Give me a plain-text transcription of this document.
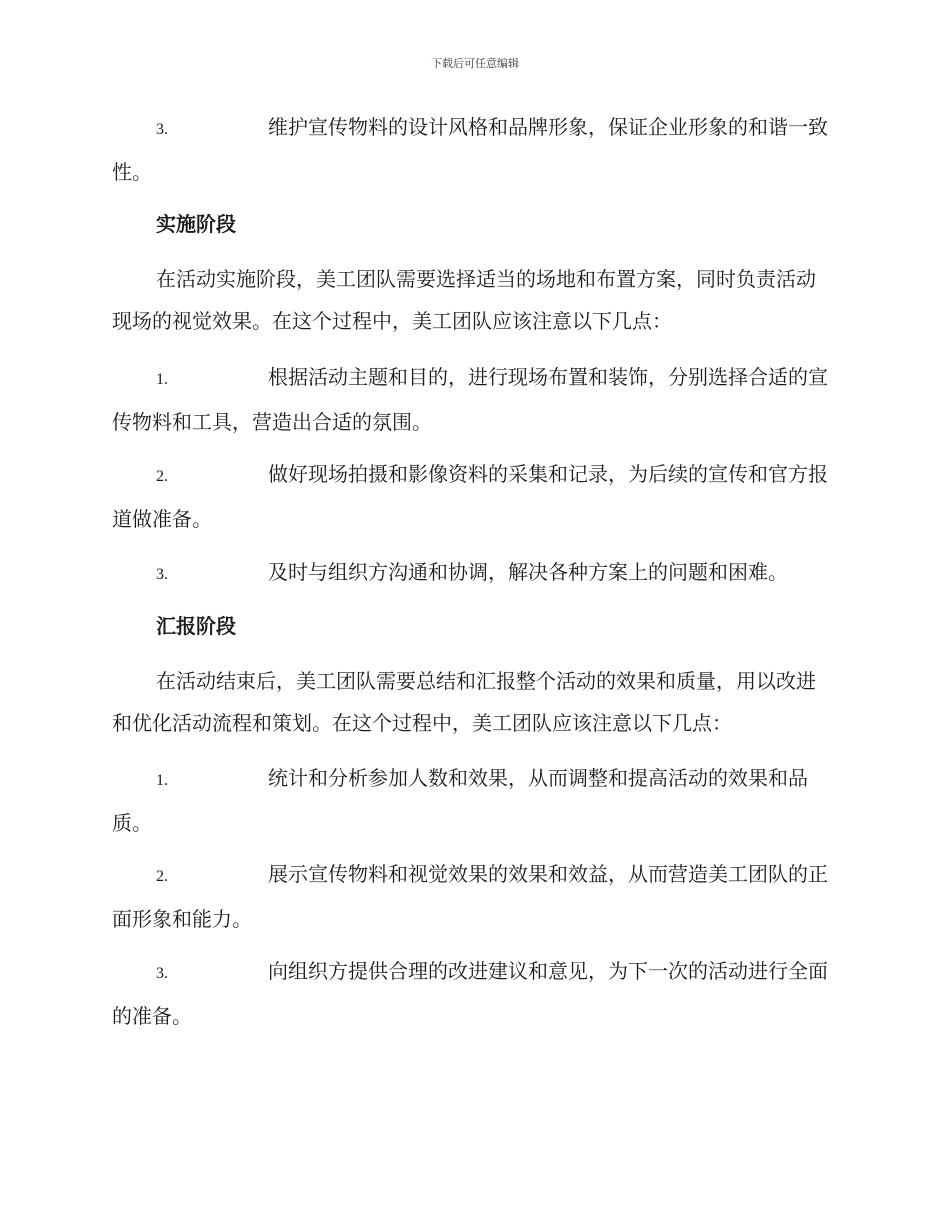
下载后可任意编辑
3.	维护宣传物料的设计风格和品牌形象，保证企业形象的和谐一致性。
实施阶段
在活动实施阶段，美工团队需要选择适当的场地和布置方案，同时负责活动现场的视觉效果。在这个过程中，美工团队应该注意以下几点：
1.	根据活动主题和目的，进行现场布置和装饰，分别选择合适的宣传物料和工具，营造出合适的氛围。
2.	做好现场拍摄和影像资料的采集和记录，为后续的宣传和官方报道做准备。
3.	及时与组织方沟通和协调，解决各种方案上的问题和困难。
汇报阶段
在活动结束后，美工团队需要总结和汇报整个活动的效果和质量，用以改进和优化活动流程和策划。在这个过程中，美工团队应该注意以下几点：
1.	统计和分析参加人数和效果，从而调整和提高活动的效果和品质。
2.	展示宣传物料和视觉效果的效果和效益，从而营造美工团队的正面形象和能力。
3.	向组织方提供合理的改进建议和意见，为下一次的活动进行全面的准备。
